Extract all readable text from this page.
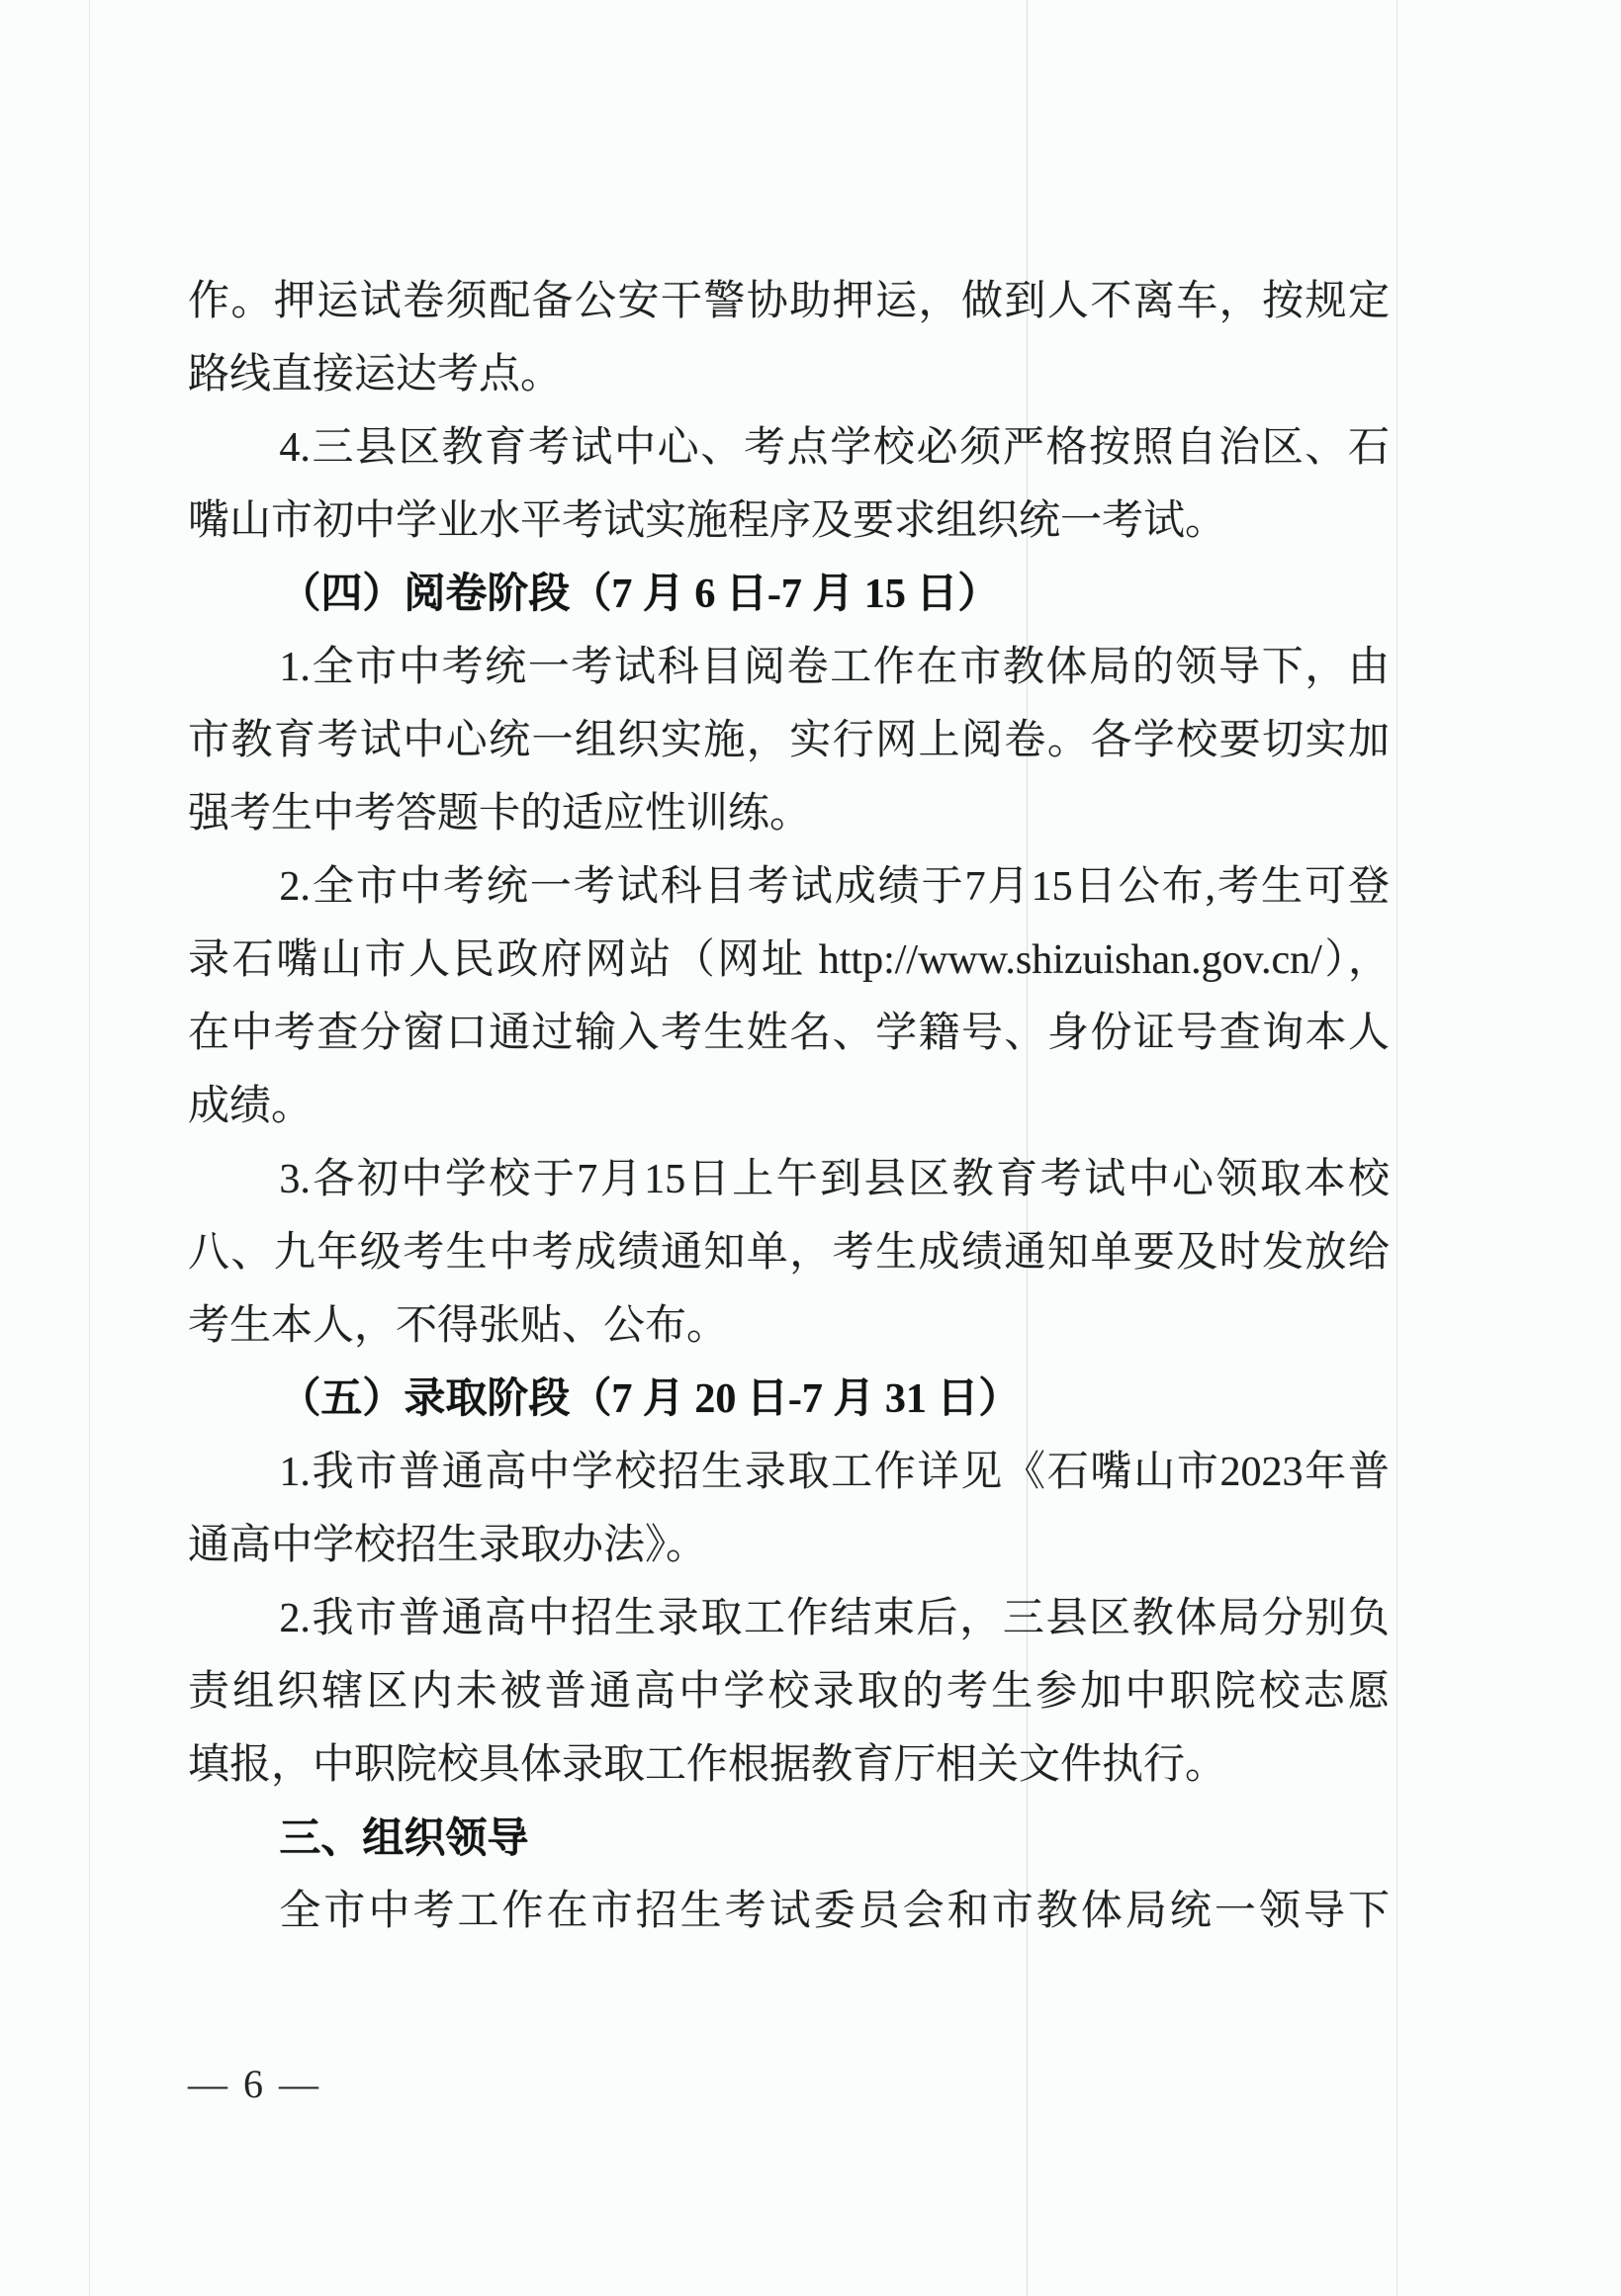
作。押运试卷须配备公安干警协助押运，做到人不离车，按规定
路线直接运达考点。
4.三县区教育考试中心、考点学校必须严格按照自治区、石
嘴山市初中学业水平考试实施程序及要求组织统一考试。
（四）阅卷阶段（7 月 6 日-7 月 15 日）
1.全市中考统一考试科目阅卷工作在市教体局的领导下，由
市教育考试中心统一组织实施，实行网上阅卷。各学校要切实加
强考生中考答题卡的适应性训练。
2.全市中考统一考试科目考试成绩于7月15日公布,考生可登
录石嘴山市人民政府网站（网址 http://www.shizuishan.gov.cn/），
在中考查分窗口通过输入考生姓名、学籍号、身份证号查询本人
成绩。
3.各初中学校于7月15日上午到县区教育考试中心领取本校
八、九年级考生中考成绩通知单，考生成绩通知单要及时发放给
考生本人，不得张贴、公布。
（五）录取阶段（7 月 20 日-7 月 31 日）
1.我市普通高中学校招生录取工作详见《石嘴山市2023年普
通高中学校招生录取办法》。
2.我市普通高中招生录取工作结束后，三县区教体局分别负
责组织辖区内未被普通高中学校录取的考生参加中职院校志愿
填报，中职院校具体录取工作根据教育厅相关文件执行。
三、组织领导
全市中考工作在市招生考试委员会和市教体局统一领导下
— 6 —
